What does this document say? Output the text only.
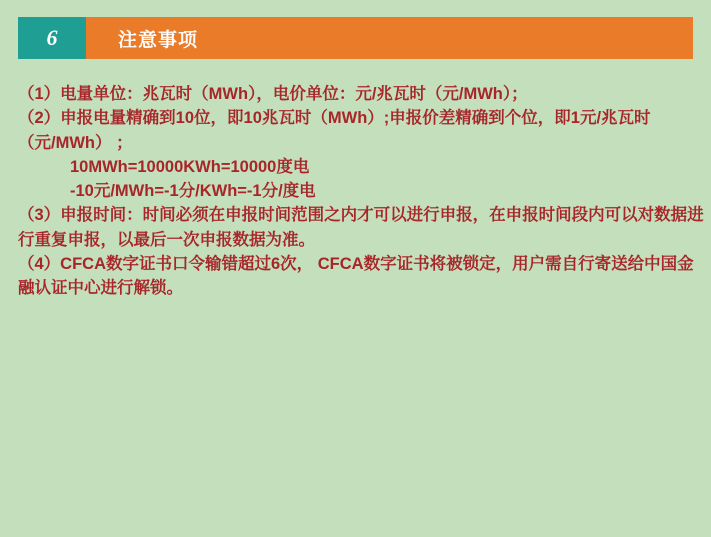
6	注意事项
（1）电量单位：兆瓦时（MWh），电价单位：元/兆瓦时（元/MWh）；
（2）申报电量精确到10位，即10兆瓦时（MWh）;申报价差精确到个位，即1元/兆瓦时（元/MWh） ；
10MWh=10000KWh=10000度电
-10元/MWh=-1分/KWh=-1分/度电
（3）申报时间：时间必须在申报时间范围之内才可以进行申报，在申报时间段内可以对数据进行重复申报，以最后一次申报数据为准。
（4）CFCA数字证书口令输错超过6次， CFCA数字证书将被锁定，用户需自行寄送给中国金融认证中心进行解锁。
